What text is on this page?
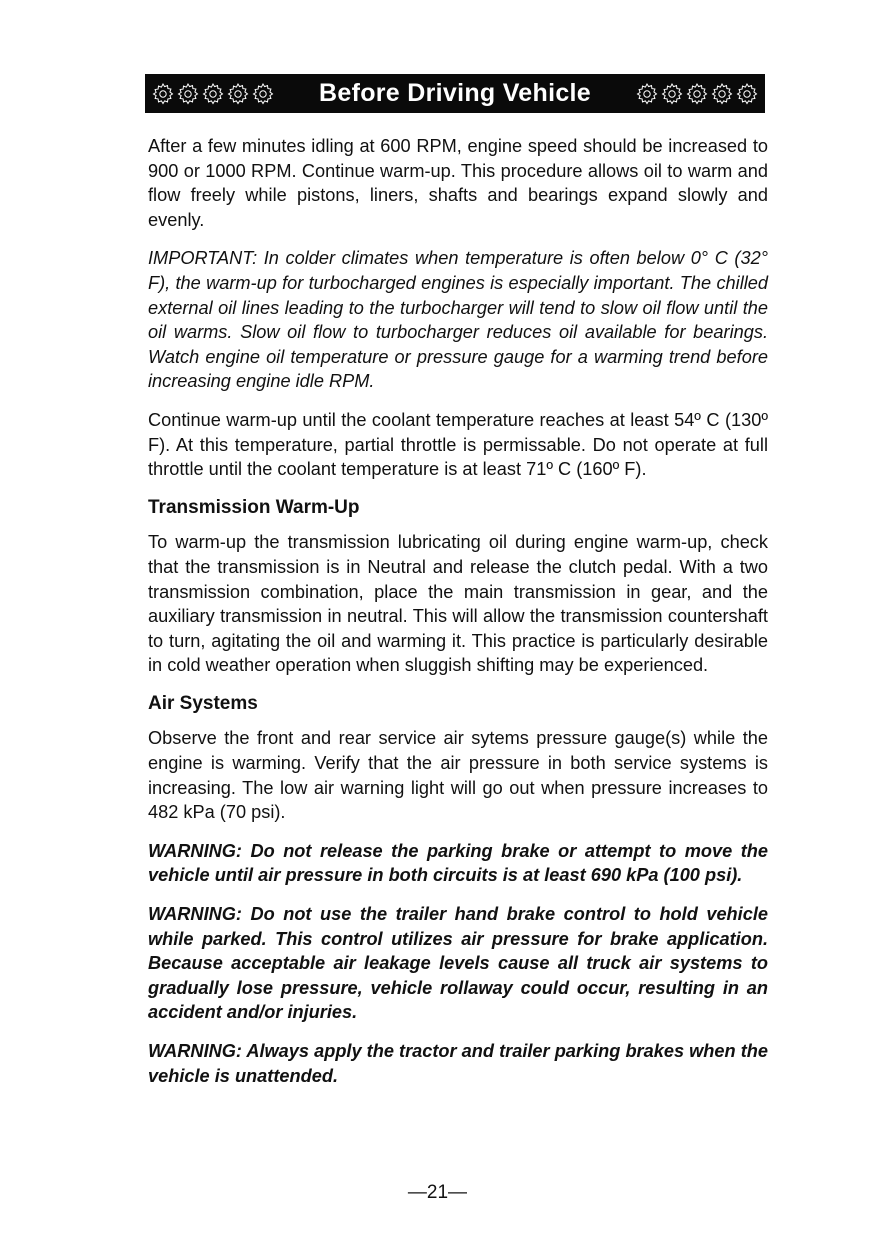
Before Driving Vehicle

After a few minutes idling at 600 RPM, engine speed should be increased to 900 or 1000 RPM. Continue warm-up. This procedure allows oil to warm and flow freely while pistons, liners, shafts and bearings expand slowly and evenly.

IMPORTANT: In colder climates when temperature is often below 0° C (32° F), the warm-up for turbocharged engines is especially important. The chilled external oil lines leading to the turbocharger will tend to slow oil flow until the oil warms. Slow oil flow to turbocharger reduces oil available for bearings. Watch engine oil temperature or pressure gauge for a warming trend before increasing engine idle RPM.

Continue warm-up until the coolant temperature reaches at least 54º C (130º F). At this temperature, partial throttle is permissable. Do not operate at full throttle until the coolant temperature is at least 71º C (160º F).

Transmission Warm-Up

To warm-up the transmission lubricating oil during engine warm-up, check that the transmission is in Neutral and release the clutch pedal. With a two transmission combination, place the main transmission in gear, and the auxiliary transmission in neutral. This will allow the transmission countershaft to turn, agitating the oil and warming it. This practice is particularly desirable in cold weather operation when sluggish shifting may be experienced.

Air Systems

Observe the front and rear service air sytems pressure gauge(s) while the engine is warming. Verify that the air pressure in both service systems is increasing. The low air warning light will go out when pressure increases to 482 kPa (70 psi).

WARNING: Do not release the parking brake or attempt to move the vehicle until air pressure in both circuits is at least 690 kPa (100 psi).

WARNING: Do not use the trailer hand brake control to hold vehicle while parked. This control utilizes air pressure for brake application. Because acceptable air leakage levels cause all truck air systems to gradually lose pressure, vehicle rollaway could occur, resulting in an accident and/or injuries.

WARNING: Always apply the tractor and trailer parking brakes when the vehicle is unattended.

—21—
